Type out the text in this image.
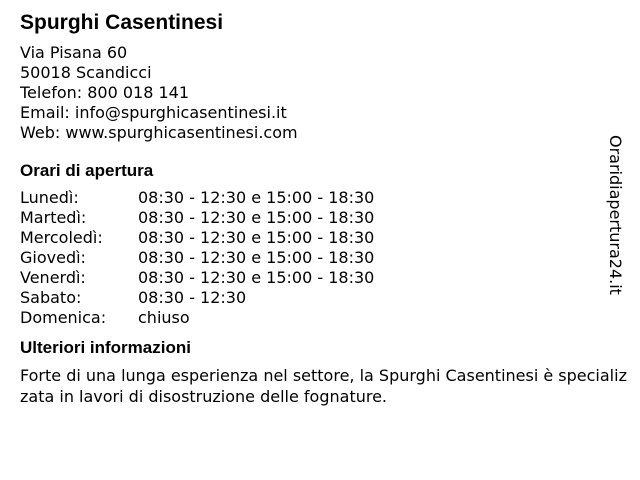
Spurghi Casentinesi
Via Pisana 60
50018 Scandicci
Telefon: 800 018 141
Email: info@spurghicasentinesi.it
Web: www.spurghicasentinesi.com
Orari di apertura
Lunedì:	08:30 - 12:30 e 15:00 - 18:30
Martedì:	08:30 - 12:30 e 15:00 - 18:30
Mercoledì:	08:30 - 12:30 e 15:00 - 18:30
Giovedì:	08:30 - 12:30 e 15:00 - 18:30
Venerdì:	08:30 - 12:30 e 15:00 - 18:30
Sabato:	08:30 - 12:30
Domenica:	chiuso
Ulteriori informazioni
Forte di una lunga esperienza nel settore, la Spurghi Casentinesi è specializzata in lavori di disostruzione delle fognature.
Oraridiapertura24.it
